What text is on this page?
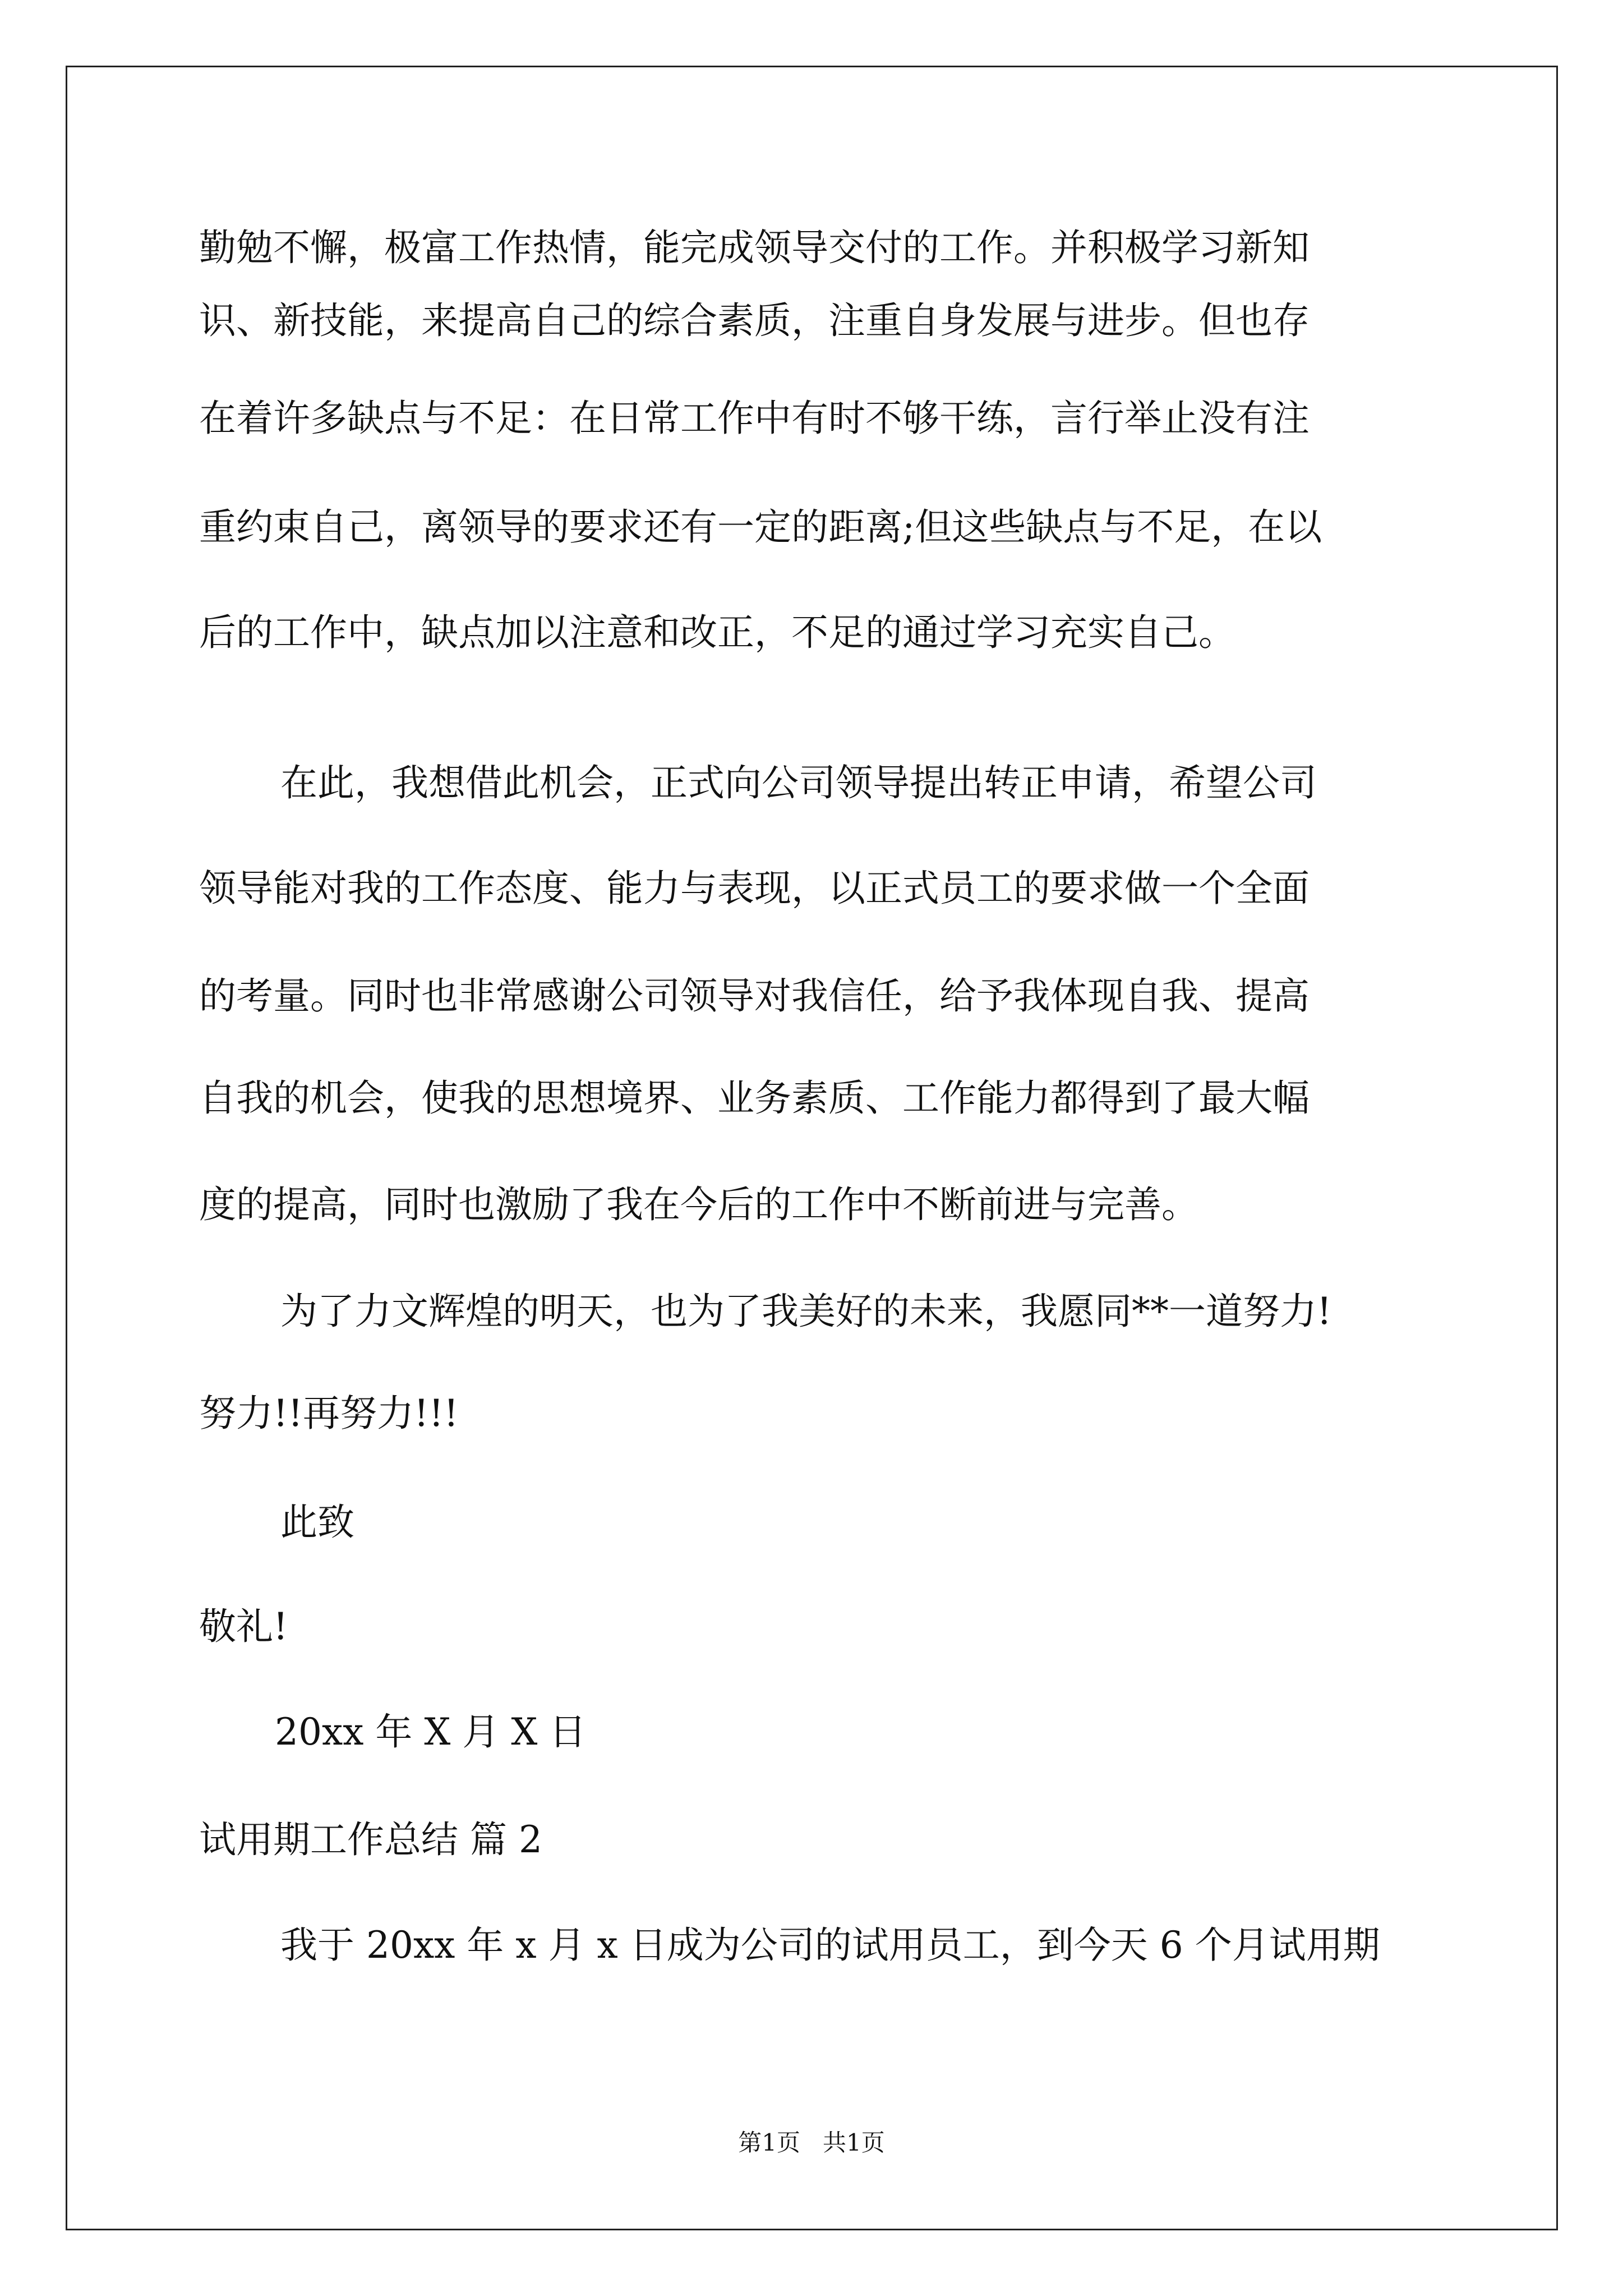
勤勉不懈，极富工作热情，能完成领导交付的工作。并积极学习新知
识、新技能，来提高自己的综合素质，注重自身发展与进步。但也存
在着许多缺点与不足：在日常工作中有时不够干练，言行举止没有注
重约束自己，离领导的要求还有一定的距离;但这些缺点与不足，在以
后的工作中，缺点加以注意和改正，不足的通过学习充实自己。
在此，我想借此机会，正式向公司领导提出转正申请，希望公司
领导能对我的工作态度、能力与表现，以正式员工的要求做一个全面
的考量。同时也非常感谢公司领导对我信任，给予我体现自我、提高
自我的机会，使我的思想境界、业务素质、工作能力都得到了最大幅
度的提高，同时也激励了我在今后的工作中不断前进与完善。
为了力文辉煌的明天，也为了我美好的未来，我愿同**一道努力!
努力!!再努力!!!
此致
敬礼!
20xx 年 X 月 X 日
试用期工作总结 篇 2
我于 20xx 年 x 月 x 日成为公司的试用员工，到今天 6 个月试用期
第1页   共1页
